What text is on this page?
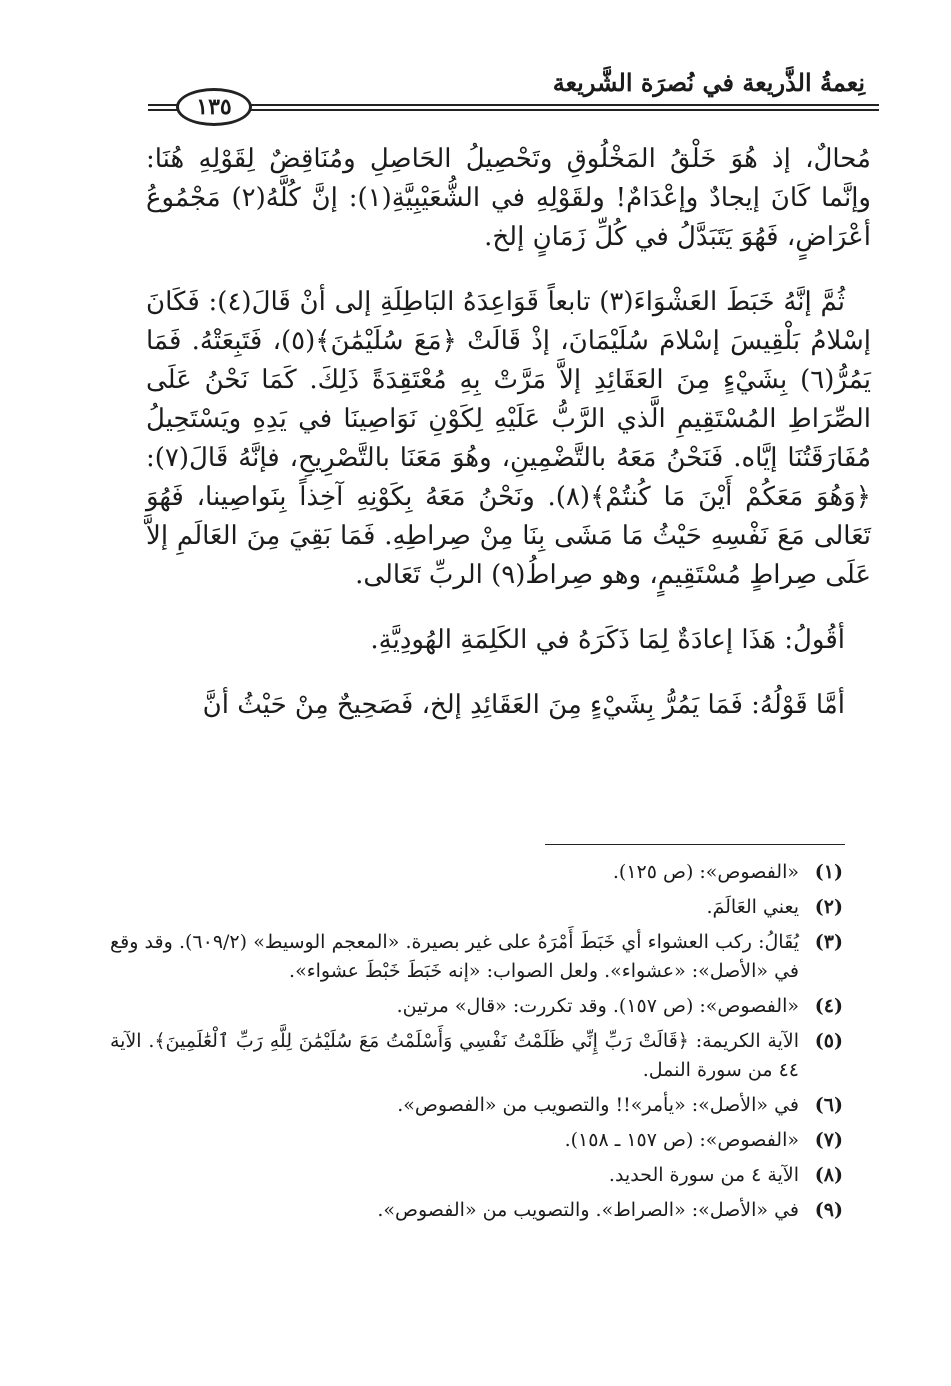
نِعمةُ الذَّريعة في نُصرَة الشَّريعة
١٣٥

مُحالٌ، إذ هُوَ خَلْقُ المَخْلُوقِ وتَحْصِيلُ الحَاصِلِ ومُنَاقِضٌ لِقَوْلِهِ هُنَا: وإنَّما كَانَ إيجادٌ وإعْدَامٌ! ولقَوْلِهِ في الشُّعَيْبِيَّةِ(١): إنَّ كُلَّهُ(٢) مَجْمُوعُ أعْرَاضٍ، فَهُوَ يَتَبَدَّلُ في كُلِّ زَمَانٍ إلخ.

ثُمَّ إنَّهُ خَبَطَ العَشْوَاءَ(٣) تابعاً قَوَاعِدَهُ البَاطِلَةِ إلى أنْ قَالَ(٤): فَكَانَ إسْلامُ بَلْقِيسَ إسْلامَ سُلَيْمَانَ، إذْ قَالَتْ ﴿مَعَ سُلَيْمَٰنَ﴾(٥)، فَتَبِعَتْهُ. فَمَا يَمُرُّ(٦) بِشَيْءٍ مِنَ العَقَائِدِ إلاَّ مَرَّتْ بِهِ مُعْتَقِدَةً ذَلِكَ. كَمَا نَحْنُ عَلَى الصِّرَاطِ المُسْتَقِيمِ الَّذي الرَّبُّ عَلَيْهِ لِكَوْنِ نَوَاصِينَا في يَدِهِ ويَسْتَحِيلُ مُفَارَقَتُنَا إيَّاه. فَنَحْنُ مَعَهُ بالتَّضْمِينِ، وهُوَ مَعَنَا بالتَّصْرِيحِ، فإنَّهُ قَالَ(٧): ﴿وَهُوَ مَعَكُمْ أَيْنَ مَا كُنتُمْ﴾(٨). ونَحْنُ مَعَهُ بِكَوْنِهِ آخِذاً بِنَواصِينا، فَهُوَ تَعَالى مَعَ نَفْسِهِ حَيْثُ مَا مَشَى بِنَا مِنْ صِراطِهِ. فَمَا بَقِيَ مِنَ العَالَمِ إلاَّ عَلَى صِراطٍ مُسْتَقِيمٍ، وهو صِراطُ(٩) الربِّ تَعَالى.

أقُولُ: هَذَا إعادَةٌ لِمَا ذَكَرَهُ في الكَلِمَةِ الهُودِيَّةِ.

أمَّا قَوْلُهُ: فَمَا يَمُرُّ بِشَيْءٍ مِنَ العَقَائِدِ إلخ، فَصَحِيحٌ مِنْ حَيْثُ أنَّ

(١)
«الفصوص»: (ص ١٢٥).
(٢)
يعني العَالَمَ.
(٣)
يُقَالُ: ركب العشواء أي خَبَطَ أَمْرَهُ على غير بصيرة. «المعجم الوسيط» (٦٠٩/٢). وقد وقع في «الأصل»: «عشواء». ولعل الصواب: «إنه خَبَطَ خَبْطَ عشواء».
(٤)
«الفصوص»: (ص ١٥٧). وقد تكررت: «قال» مرتين.
(٥)
الآية الكريمة: ﴿قَالَتْ رَبِّ إِنِّي ظَلَمْتُ نَفْسِي وَأَسْلَمْتُ مَعَ سُلَيْمَٰنَ لِلَّهِ رَبِّ ٱلْعَٰلَمِينَ﴾. الآية ٤٤ من سورة النمل.
(٦)
في «الأصل»: «يأمر»!! والتصويب من «الفصوص».
(٧)
«الفصوص»: (ص ١٥٧ ـ ١٥٨).
(٨)
الآية ٤ من سورة الحديد.
(٩)
في «الأصل»: «الصراط». والتصويب من «الفصوص».
